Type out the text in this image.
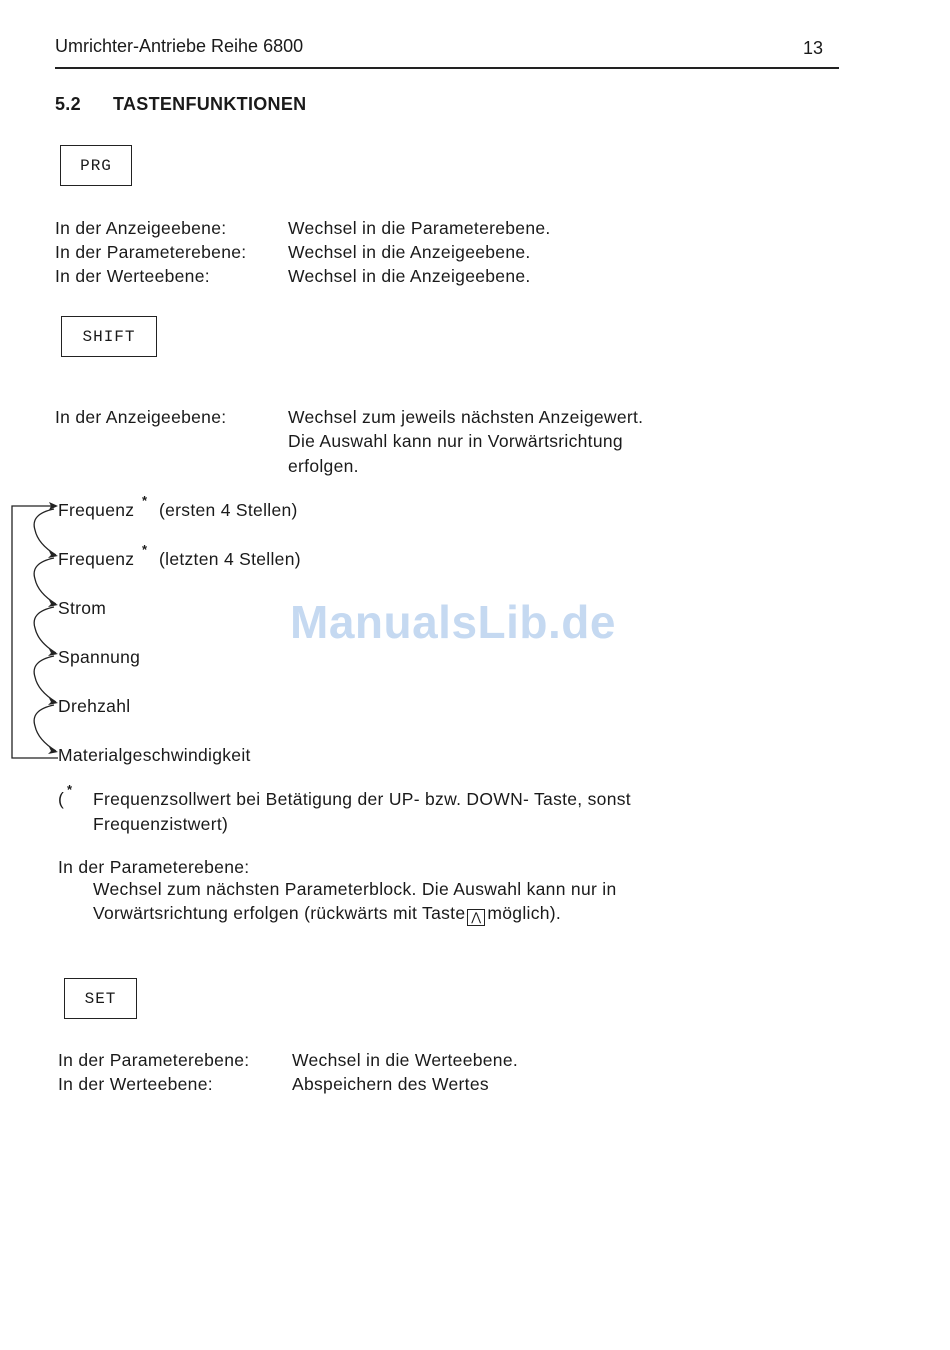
Umrichter-Antriebe Reihe 6800	13
5.2 TASTENFUNKTIONEN
ManualsLib.de
PRG
In der Anzeigeebene:	Wechsel in die Parameterebene.
In der Parameterebene: Wechsel in die Anzeigeebene.
In der Werteebene:	Wechsel in die Anzeigeebene.
SHIFT
In der Anzeigeebene:	Wechsel zum jeweils nächsten Anzeigewert.
Die Auswahl kann nur in Vorwärtsrichtung
erfolgen.
Frequenz * (ersten 4 Stellen)
Frequenz * (letzten 4 Stellen)
Strom
Spannung
Drehzahl
Materialgeschwindigkeit
( * Frequenzsollwert bei Betätigung der UP- bzw. DOWN- Taste, sonst
Frequenzistwert)
In der Parameterebene:
Wechsel zum nächsten Parameterblock. Die Auswahl kann nur in
Vorwärtsrichtung erfolgen (rückwärts mit Taste ⋀ möglich).
SET
In der Parameterebene: Wechsel in die Werteebene.
In der Werteebene:	Abspeichern des Wertes
